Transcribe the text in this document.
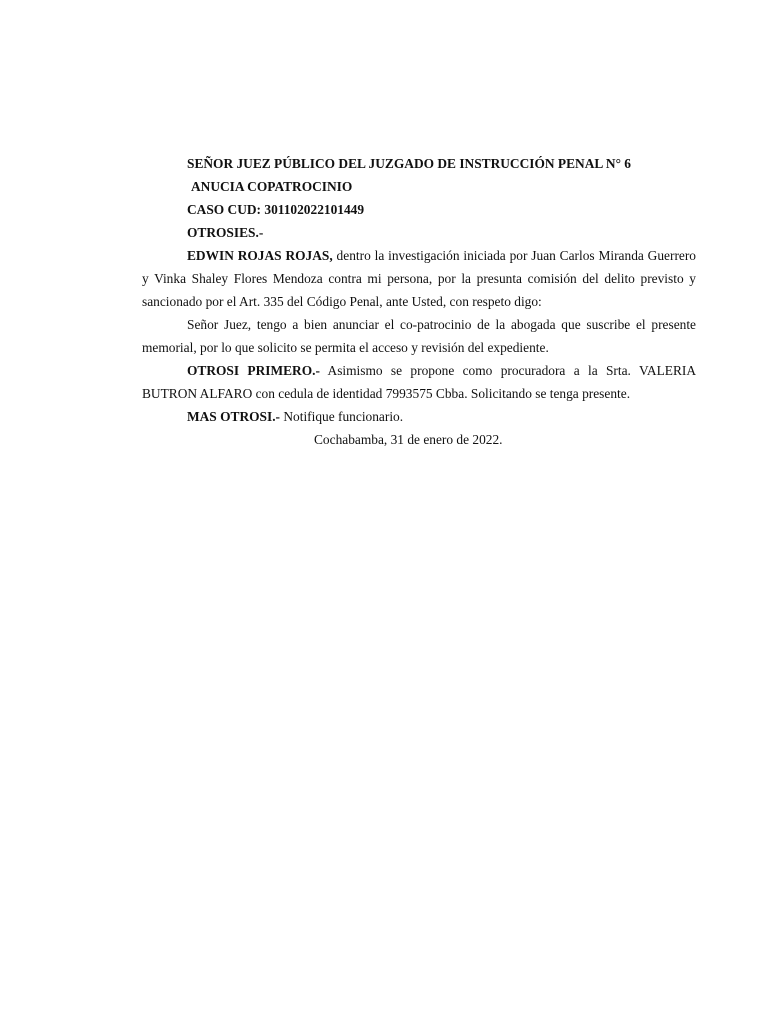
SEÑOR JUEZ PÚBLICO DEL JUZGADO DE INSTRUCCIÓN PENAL N° 6
ANUCIA COPATROCINIO
CASO CUD: 301102022101449
OTROSIES.-
EDWIN ROJAS ROJAS, dentro la investigación iniciada por Juan Carlos Miranda Guerrero y Vinka Shaley Flores Mendoza contra mi persona, por la presunta comisión del delito previsto y sancionado por el Art. 335 del Código Penal, ante Usted, con respeto digo:
Señor Juez, tengo a bien anunciar el co-patrocinio de la abogada que suscribe el presente memorial, por lo que solicito se permita el acceso y revisión del expediente.
OTROSI PRIMERO.- Asimismo se propone como procuradora a la Srta. VALERIA BUTRON ALFARO con cedula de identidad 7993575 Cbba. Solicitando se tenga presente.
MAS OTROSI.- Notifique funcionario.
Cochabamba, 31 de enero de 2022.
